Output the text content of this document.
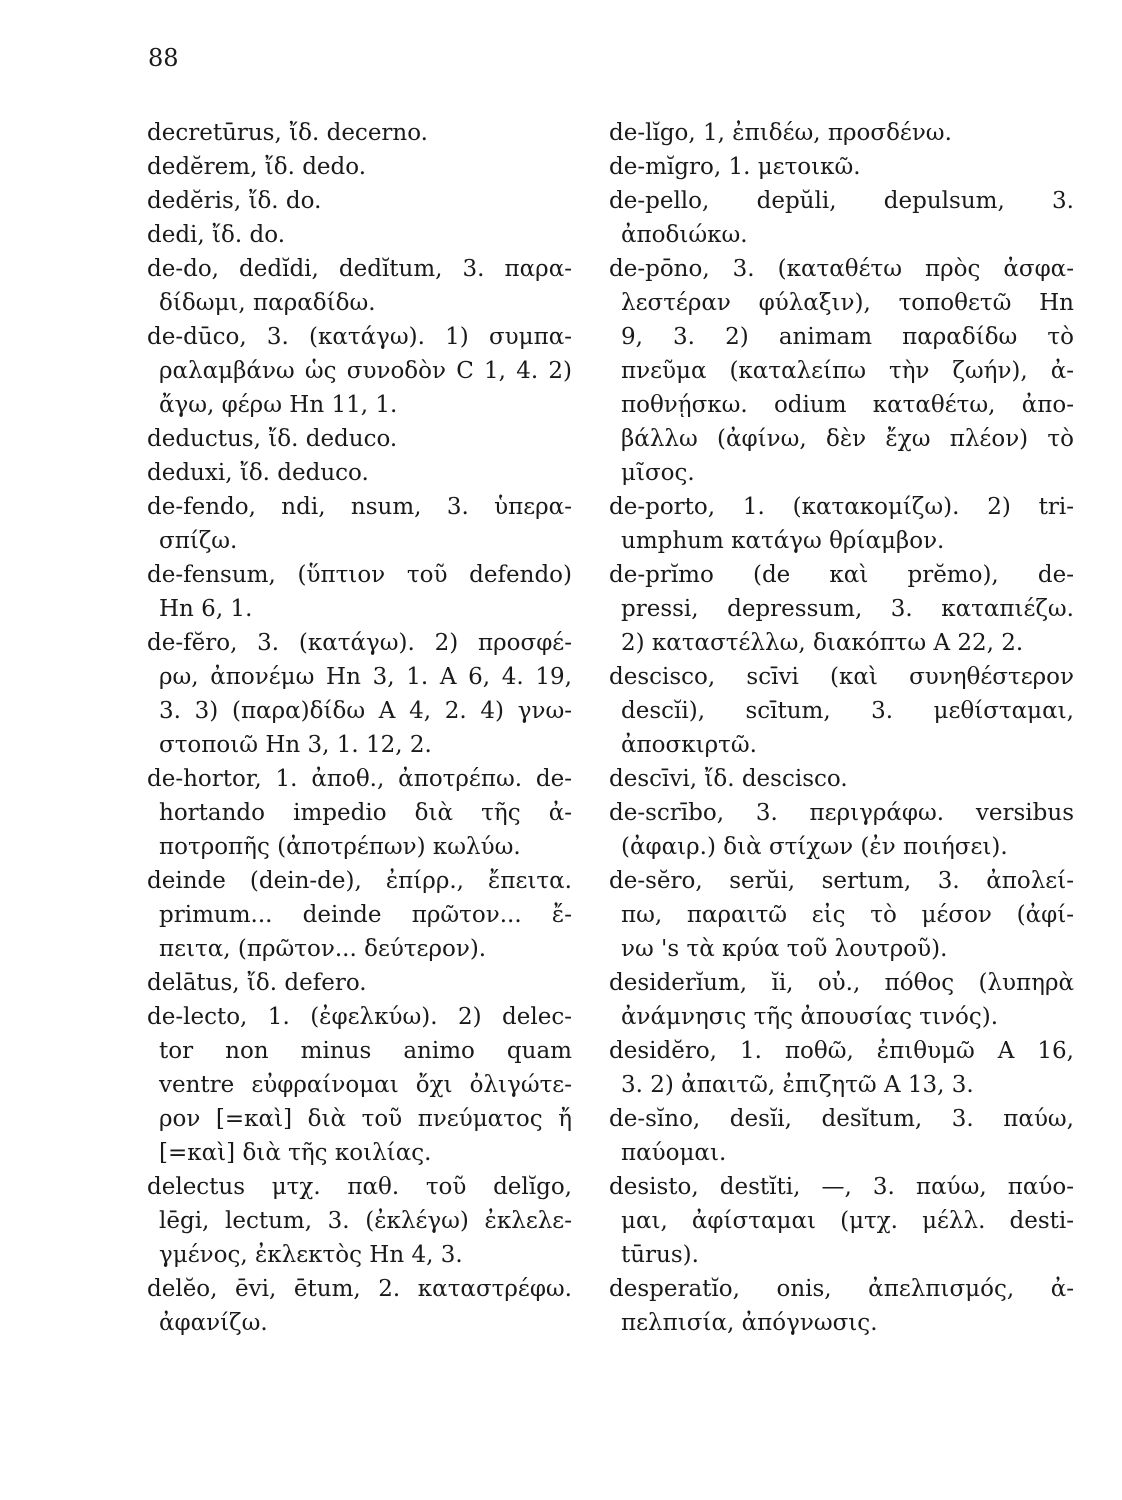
88
decretūrus, ἴδ. decerno.
dedĕrem, ἴδ. dedo.
dedĕris, ἴδ. do.
dedi, ἴδ. do.
de-do, dedĭdi, dedĭtum, 3. παρα-
δίδωμι, παραδίδω.
de-dūco, 3. (κατάγω). 1) συμπα-
ραλαμβάνω ὡς συνοδὸν C 1, 4. 2)
ἄγω, φέρω Hn 11, 1.
deductus, ἴδ. deduco.
deduxi, ἴδ. deduco.
de-fendo, ndi, nsum, 3. ὑπερα-
σπίζω.
de-fensum, (ὕπτιον τοῦ defendo)
Hn 6, 1.
de-fĕro, 3. (κατάγω). 2) προσφέ-
ρω, ἀπονέμω Hn 3, 1. A 6, 4. 19,
3. 3) (παρα)δίδω A 4, 2. 4) γνω-
στοποιῶ Hn 3, 1. 12, 2.
de-hortor, 1. ἀποθ., ἀποτρέπω. de-
hortando impedio διὰ τῆς ἀ-
ποτροπῆς (ἀποτρέπων) κωλύω.
deinde (dein-de), ἐπίρρ., ἔπειτα.
primum... deinde πρῶτον... ἔ-
πειτα, (πρῶτον... δεύτερον).
delātus, ἴδ. defero.
de-lecto, 1. (ἐφελκύω). 2) delec-
tor non minus animo quam
ventre εὐφραίνομαι ὄχι ὀλιγώτε-
ρον [=καὶ] διὰ τοῦ πνεύματος ἤ
[=καὶ] διὰ τῆς κοιλίας.
delectus μτχ. παθ. τοῦ delĭgo,
lēgi, lectum, 3. (ἐκλέγω) ἐκλελε-
γμένος, ἐκλεκτὸς Hn 4, 3.
delĕo, ēvi, ētum, 2. καταστρέφω.
ἀφανίζω.
de-lĭgo, 1, ἐπιδέω, προσδένω.
de-mĭgro, 1. μετοικῶ.
de-pello, depŭli, depulsum, 3.
ἀποδιώκω.
de-pōno, 3. (καταθέτω πρὸς ἀσφα-
λεστέραν φύλαξιν), τοποθετῶ Hn
9, 3. 2) animam παραδίδω τὸ
πνεῦμα (καταλείπω τὴν ζωήν), ἀ-
ποθνῄσκω. odium καταθέτω, ἀπο-
βάλλω (ἀφίνω, δὲν ἔχω πλέον) τὸ
μῖσος.
de-porto, 1. (κατακομίζω). 2) tri-
umphum κατάγω θρίαμβον.
de-prĭmo (de καὶ prĕmo), de-
pressi, depressum, 3. καταπιέζω.
2) καταστέλλω, διακόπτω A 22, 2.
descisco, scīvi (καὶ συνηθέστερον
descĭi), scītum, 3. μεθίσταμαι,
ἀποσκιρτῶ.
descīvi, ἴδ. descisco.
de-scrībo, 3. περιγράφω. versibus
(ἀφαιρ.) διὰ στίχων (ἐν ποιήσει).
de-sĕro, serŭi, sertum, 3. ἀπολεί-
πω, παραιτῶ εἰς τὸ μέσον (ἀφί-
νω 's τὰ κρύα τοῦ λουτροῦ).
desiderĭum, ĭi, οὐ., πόθος (λυπηρὰ
ἀνάμνησις τῆς ἀπουσίας τινός).
desidĕro, 1. ποθῶ, ἐπιθυμῶ A 16,
3. 2) ἀπαιτῶ, ἐπιζητῶ A 13, 3.
de-sĭno, desĭi, desĭtum, 3. παύω,
παύομαι.
desisto, destĭti, —, 3. παύω, παύο-
μαι, ἀφίσταμαι (μτχ. μέλλ. desti-
tūrus).
desperatĭo, onis, ἀπελπισμός, ἀ-
πελπισία, ἀπόγνωσις.
